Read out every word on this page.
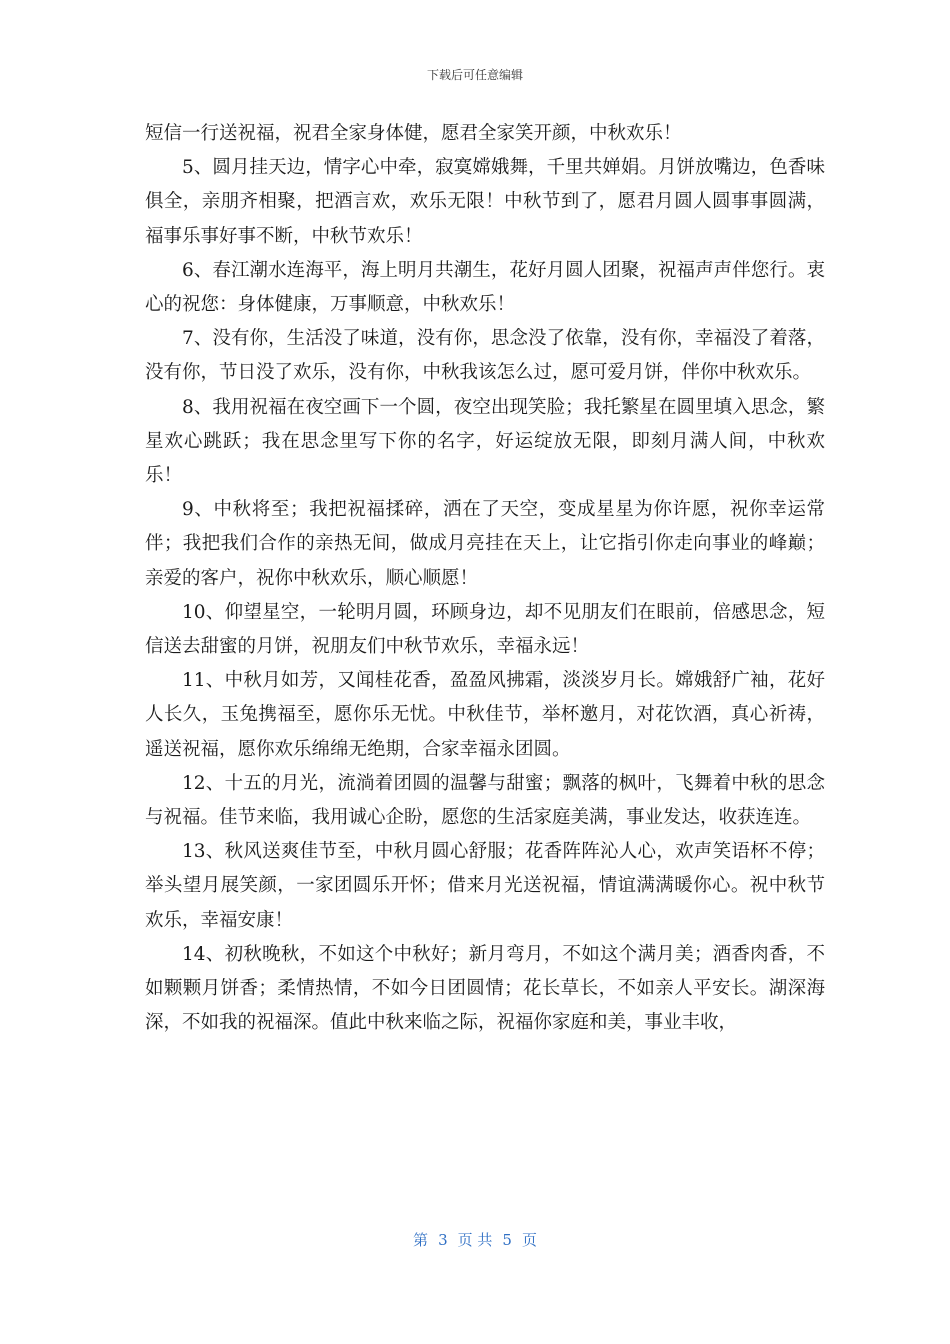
下载后可任意编辑

短信一行送祝福，祝君全家身体健，愿君全家笑开颜，中秋欢乐！

5、圆月挂天边，情字心中牵，寂寞嫦娥舞，千里共婵娟。月饼放嘴边，色香味俱全，亲朋齐相聚，把酒言欢，欢乐无限！中秋节到了，愿君月圆人圆事事圆满，福事乐事好事不断，中秋节欢乐！

6、春江潮水连海平，海上明月共潮生，花好月圆人团聚，祝福声声伴您行。衷心的祝您：身体健康，万事顺意，中秋欢乐！

7、没有你，生活没了味道，没有你，思念没了依靠，没有你，幸福没了着落，没有你，节日没了欢乐，没有你，中秋我该怎么过，愿可爱月饼，伴你中秋欢乐。

8、我用祝福在夜空画下一个圆，夜空出现笑脸；我托繁星在圆里填入思念，繁星欢心跳跃；我在思念里写下你的名字，好运绽放无限，即刻月满人间，中秋欢乐！

9、中秋将至；我把祝福揉碎，洒在了天空，变成星星为你许愿，祝你幸运常伴；我把我们合作的亲热无间，做成月亮挂在天上，让它指引你走向事业的峰巅；亲爱的客户，祝你中秋欢乐，顺心顺愿！

10、仰望星空，一轮明月圆，环顾身边，却不见朋友们在眼前，倍感思念，短信送去甜蜜的月饼，祝朋友们中秋节欢乐，幸福永远！

11、中秋月如芳，又闻桂花香，盈盈风拂霜，淡淡岁月长。嫦娥舒广袖，花好人长久，玉兔携福至，愿你乐无忧。中秋佳节，举杯邀月，对花饮酒，真心祈祷，遥送祝福，愿你欢乐绵绵无绝期，合家幸福永团圆。

12、十五的月光，流淌着团圆的温馨与甜蜜；飘落的枫叶，飞舞着中秋的思念与祝福。佳节来临，我用诚心企盼，愿您的生活家庭美满，事业发达，收获连连。

13、秋风送爽佳节至，中秋月圆心舒服；花香阵阵沁人心，欢声笑语杯不停；举头望月展笑颜，一家团圆乐开怀；借来月光送祝福，情谊满满暖你心。祝中秋节欢乐，幸福安康！

14、初秋晚秋，不如这个中秋好；新月弯月，不如这个满月美；酒香肉香，不如颗颗月饼香；柔情热情，不如今日团圆情；花长草长，不如亲人平安长。湖深海深，不如我的祝福深。值此中秋来临之际，祝福你家庭和美，事业丰收，

第 3 页 共 5 页
